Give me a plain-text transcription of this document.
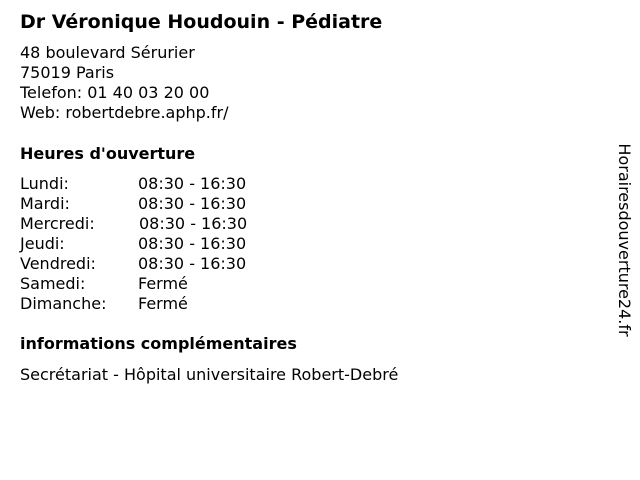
Dr Véronique Houdouin - Pédiatre
48 boulevard Sérurier
75019 Paris
Telefon: 01 40 03 20 00
Web: robertdebre.aphp.fr/
Heures d'ouverture
Lundi:	08:30 - 16:30
Mardi:	08:30 - 16:30
Mercredi:	08:30 - 16:30
Jeudi:	08:30 - 16:30
Vendredi:	08:30 - 16:30
Samedi:	Fermé
Dimanche: Fermé
informations complémentaires
Secrétariat - Hôpital universitaire Robert-Debré
Horairesdouverture24.fr
